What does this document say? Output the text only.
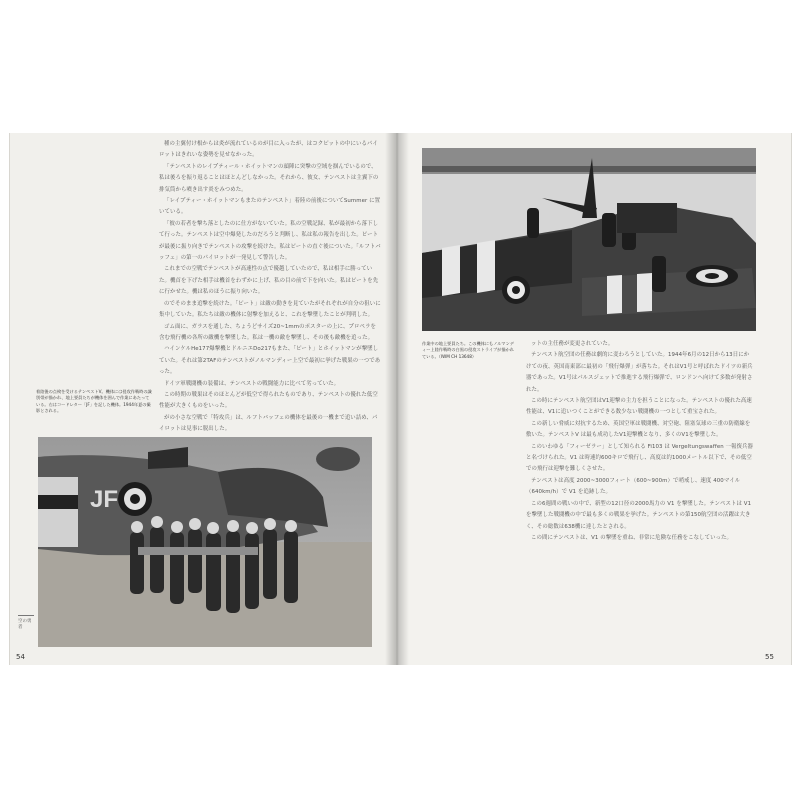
種の主翼付け根からは炎が流れているのが目に入ったが、はコクピットの中にいるパイロットはきれいな姿勢を見せなかった。

「テンペストのレイプティール・ホイットマンの頭陣に突撃の空域を掴んでいるので、私は後ろを振り返ることはほとんどしなかった。それから、彼女、テンペストは主翼下の排気筒から噴き出す炎をみつめた。

「レイプティー・ホイットマンもまたのテンペスト」着陸の前後についてSummer に置いている。

「彼の若者を撃ち落としたのに仕方がないていた。私の空戦記録、私が最初から落下して行った。テンペストは空中爆発したのだろうと判断し、私は私の報告を出した。ピートが最後に振り向きでテンペストの攻撃を続けた。私はピートの直ぐ後についた。「ルフトバッフェ」の第一のパイロットが一発見して警告した。

これまでの空戦でテンペストが高速性の点で優越していたので、私は相手に勝っていた。機首を下げた相手は機首をわずかに上げ、私の目の前で下を向いた。私はピートを先に行かせた。機は私のほうに振り向いた。

のでそのまま追撃を続けた。「ピート」は敵の動きを見ていたがそれぞれが自分の狙いに集中していた。私たちは敵の機体に射撃を加えると、これを撃墜したことが判明した。

ゴム面に、ガラスを通した、ちょうどサイズ20~1mmのポスターの上に、プロペラを含む飛行機の各所の敵機を撃墜した。私は一機の敵を撃墜し、その後も敵機を追った。

ハインケルHe177爆撃機とドルニエDo217もまた、「ピート」とホイットマンが撃墜していた。それは第2TAFのテンペストがノルマンディー上空で最初に挙げた戦果の一つであった。

ドイツ軍戦闘機の装備は、テンペストの戦闘能力に比べて劣っていた。

この時期の戦果はそのほとんどが低空で得られたものであり、テンペストの優れた低空性能が大きくものをいった。

がの小さな空戦で「特攻兵」は、ルフトバッフェの機体を最後の一機まで追い詰め、パイロットは見事に脱出した。

着陸後の点検を受けるテンペストV。機体には侵攻作戦時の識別帯が描かれ、地上要員たちが機体を囲んで作業にあたっている。右はコードレター「JF」を記した機体。1944年夏の撮影とされる。
JF
空の勇者
54
作業中の地上要員たち。この機体にもノルマンディー上陸作戦時の白黒の侵攻ストライプが描かれている。（IWM CH 13648）

ットの主任務が変更されていた。

テンペスト航空団の任務は劇的に変わろうとしていた。1944年6月の12日から13日にかけての夜、英国南東部に最初の「飛行爆弾」が落ちた。それはV1号と呼ばれたドイツの新兵器であった。V1号はパルスジェットで推進する飛行爆弾で、ロンドンへ向けて多数が発射された。

この時にテンペスト航空団はV1迎撃の主力を担うことになった。テンペストの優れた高速性能は、V1に追いつくことができる数少ない戦闘機の一つとして重宝された。

この新しい脅威に対抗するため、英国空軍は戦闘機、対空砲、阻塞気球の三重の防衛線を敷いた。テンペストV は最も成功したV1迎撃機となり、多くのV1を撃墜した。

このいわゆる「フィーゼラー」として知られる Fi103 は Vergeltungswaffen 一報復兵器と名づけられた。V1 は時速約600キロで飛行し、高度は約1000メートル以下で、その低空での飛行は迎撃を難しくさせた。

テンペストは高度 2000~3000フィート（600~900m）で哨戒し、速度 400マイル（640km/h）で V1 を追跡した。

この6週間の戦いの中で、新型の12口径の2000馬力の V1 を撃墜した。テンペストは V1 を撃墜した戦闘機の中で最も多くの戦果を挙げた。テンペストの第150航空団の活躍は大きく、その総数は638機に達したとされる。

この間にテンペストは、V1 の撃墜を重ね、非常に危険な任務をこなしていった。

55
